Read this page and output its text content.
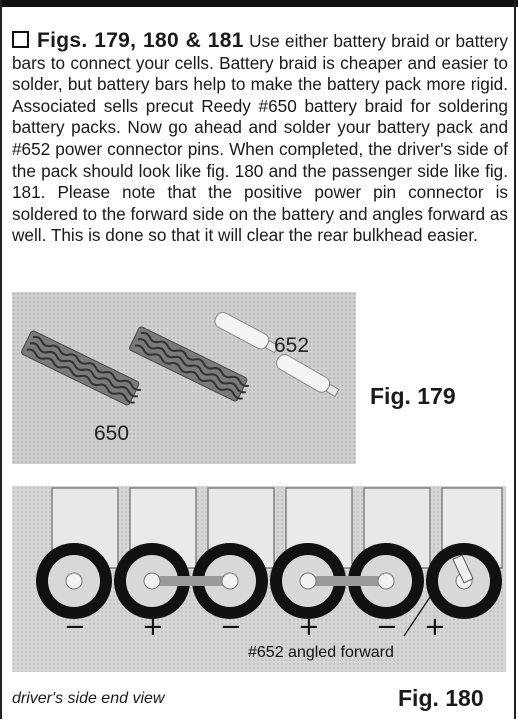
Figs. 179, 180 & 181 Use either battery braid or battery bars to connect your cells. Battery braid is cheaper and easier to solder, but battery bars help to make the battery pack more rigid. Associated sells precut Reedy #650 battery braid for soldering battery packs. Now go ahead and solder your battery pack and #652 power connector pins. When completed, the driver's side of the pack should look like fig. 180 and the passenger side like fig. 181. Please note that the positive power pin connector is soldered to the forward side on the battery and angles forward as well. This is done so that it will clear the rear bulkhead easier.
650
652
Fig. 179
− + − + − +
#652 angled forward
driver's side end view	Fig. 180
